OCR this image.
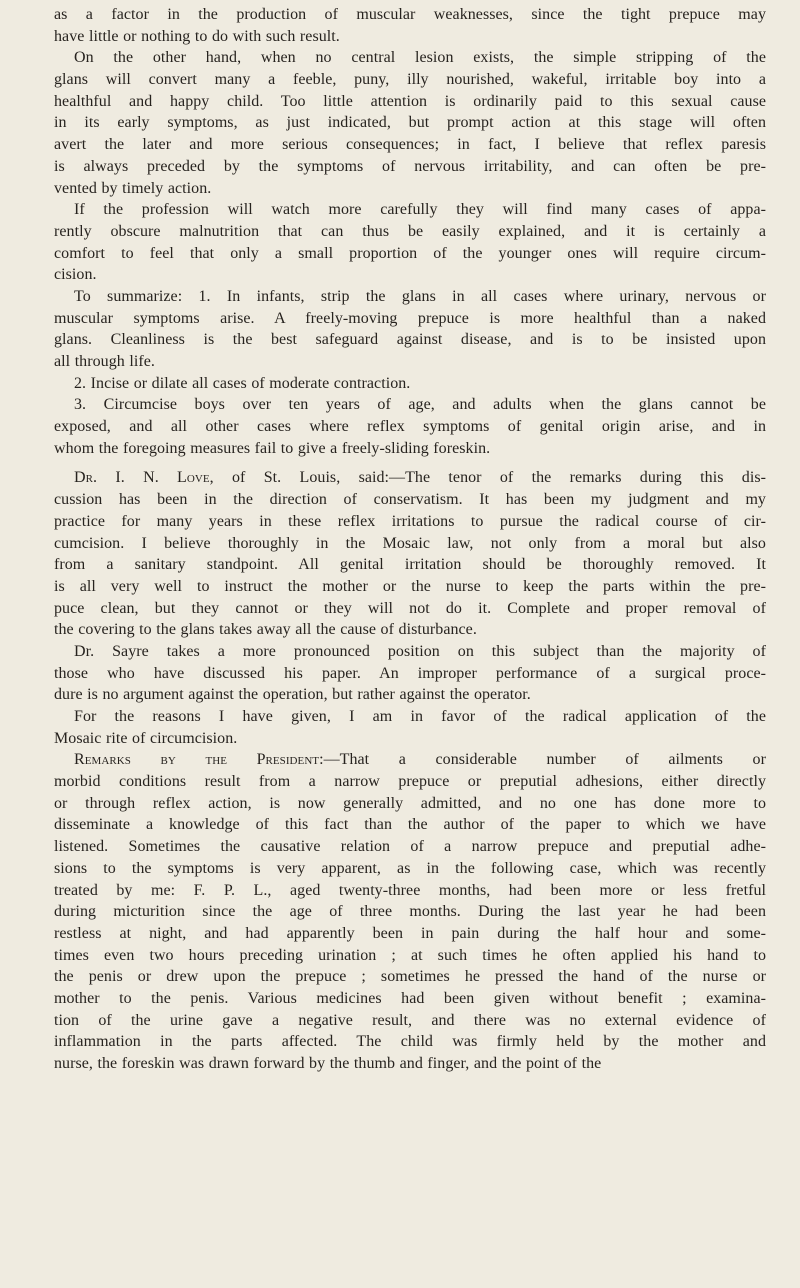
as a factor in the production of muscular weaknesses, since the tight prepuce may
have little or nothing to do with such result.
On the other hand, when no central lesion exists, the simple stripping of the
glans will convert many a feeble, puny, illy nourished, wakeful, irritable boy into a
healthful and happy child. Too little attention is ordinarily paid to this sexual cause
in its early symptoms, as just indicated, but prompt action at this stage will often
avert the later and more serious consequences; in fact, I believe that reflex paresis
is always preceded by the symptoms of nervous irritability, and can often be pre-
vented by timely action.
If the profession will watch more carefully they will find many cases of appa-
rently obscure malnutrition that can thus be easily explained, and it is certainly a
comfort to feel that only a small proportion of the younger ones will require circum-
cision.
To summarize: 1. In infants, strip the glans in all cases where urinary, nervous or
muscular symptoms arise. A freely-moving prepuce is more healthful than a naked
glans. Cleanliness is the best safeguard against disease, and is to be insisted upon
all through life.
2. Incise or dilate all cases of moderate contraction.
3. Circumcise boys over ten years of age, and adults when the glans cannot be
exposed, and all other cases where reflex symptoms of genital origin arise, and in
whom the foregoing measures fail to give a freely-sliding foreskin.
Dr. I. N. Love, of St. Louis, said:—The tenor of the remarks during this dis-
cussion has been in the direction of conservatism. It has been my judgment and my
practice for many years in these reflex irritations to pursue the radical course of cir-
cumcision. I believe thoroughly in the Mosaic law, not only from a moral but also
from a sanitary standpoint. All genital irritation should be thoroughly removed. It
is all very well to instruct the mother or the nurse to keep the parts within the pre-
puce clean, but they cannot or they will not do it. Complete and proper removal of
the covering to the glans takes away all the cause of disturbance.
Dr. Sayre takes a more pronounced position on this subject than the majority of
those who have discussed his paper. An improper performance of a surgical proce-
dure is no argument against the operation, but rather against the operator.
For the reasons I have given, I am in favor of the radical application of the
Mosaic rite of circumcision.
Remarks by the President:—That a considerable number of ailments or
morbid conditions result from a narrow prepuce or preputial adhesions, either directly
or through reflex action, is now generally admitted, and no one has done more to
disseminate a knowledge of this fact than the author of the paper to which we have
listened. Sometimes the causative relation of a narrow prepuce and preputial adhe-
sions to the symptoms is very apparent, as in the following case, which was recently
treated by me: F. P. L., aged twenty-three months, had been more or less fretful
during micturition since the age of three months. During the last year he had been
restless at night, and had apparently been in pain during the half hour and some-
times even two hours preceding urination ; at such times he often applied his hand to
the penis or drew upon the prepuce ; sometimes he pressed the hand of the nurse or
mother to the penis. Various medicines had been given without benefit ; examina-
tion of the urine gave a negative result, and there was no external evidence of
inflammation in the parts affected. The child was firmly held by the mother and
nurse, the foreskin was drawn forward by the thumb and finger, and the point of the
